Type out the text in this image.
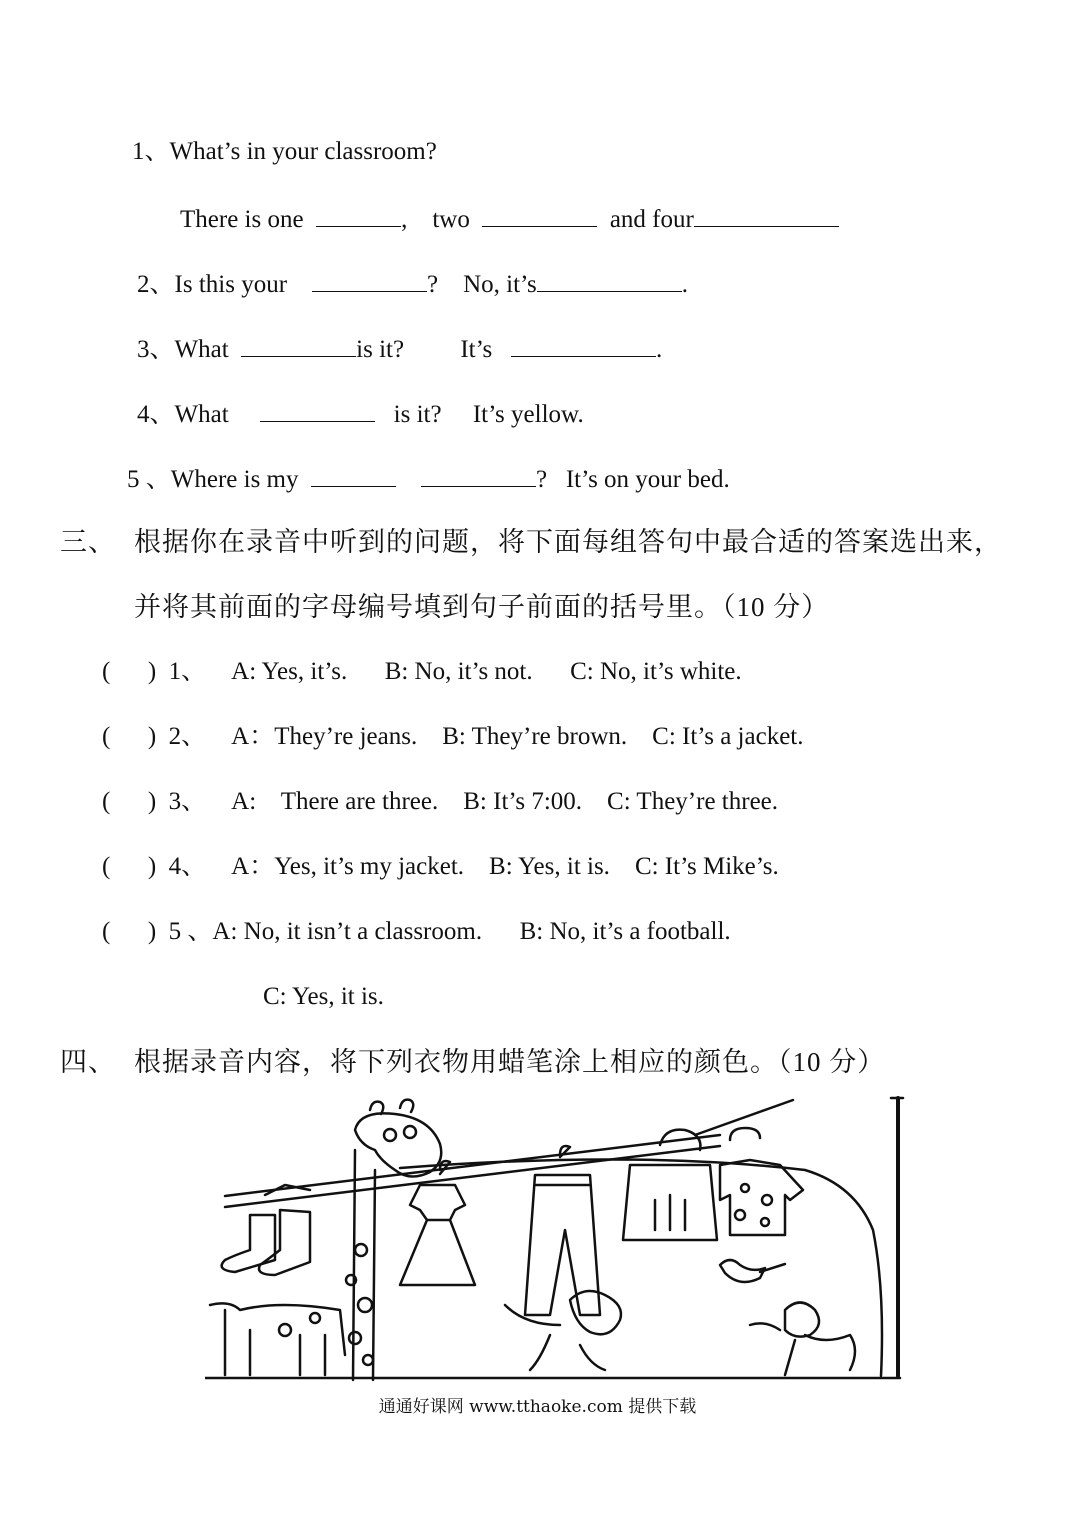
1、What’s in your classroom?
There is one	, two	and four
2、Is this your	? No, it’s	.
3、What	is it? It’s	.
4、What	is it? It’s yellow.
5 、Where is my	? It’s on your bed.
三、 根据你在录音中听到的问题，将下面每组答句中最合适的答案选出来，
并将其前面的字母编号填到句子前面的括号里。（10 分）
(      ) 1、 A: Yes, it’s. B: No, it’s not. C: No, it’s white.
(      ) 2、 A：They’re jeans. B: They’re brown. C: It’s a jacket.
(      ) 3、 A:    There are three. B: It’s 7:00. C: They’re three.
(      ) 4、 A：Yes, it’s my jacket. B: Yes, it is. C: It’s Mike’s.
(      ) 5 、A: No, it isn’t a classroom. B: No, it’s a football.
C: Yes, it is.
四、 根据录音内容，将下列衣物用蜡笔涂上相应的颜色。（10 分）
通通好课网 www.tthaoke.com 提供下载
